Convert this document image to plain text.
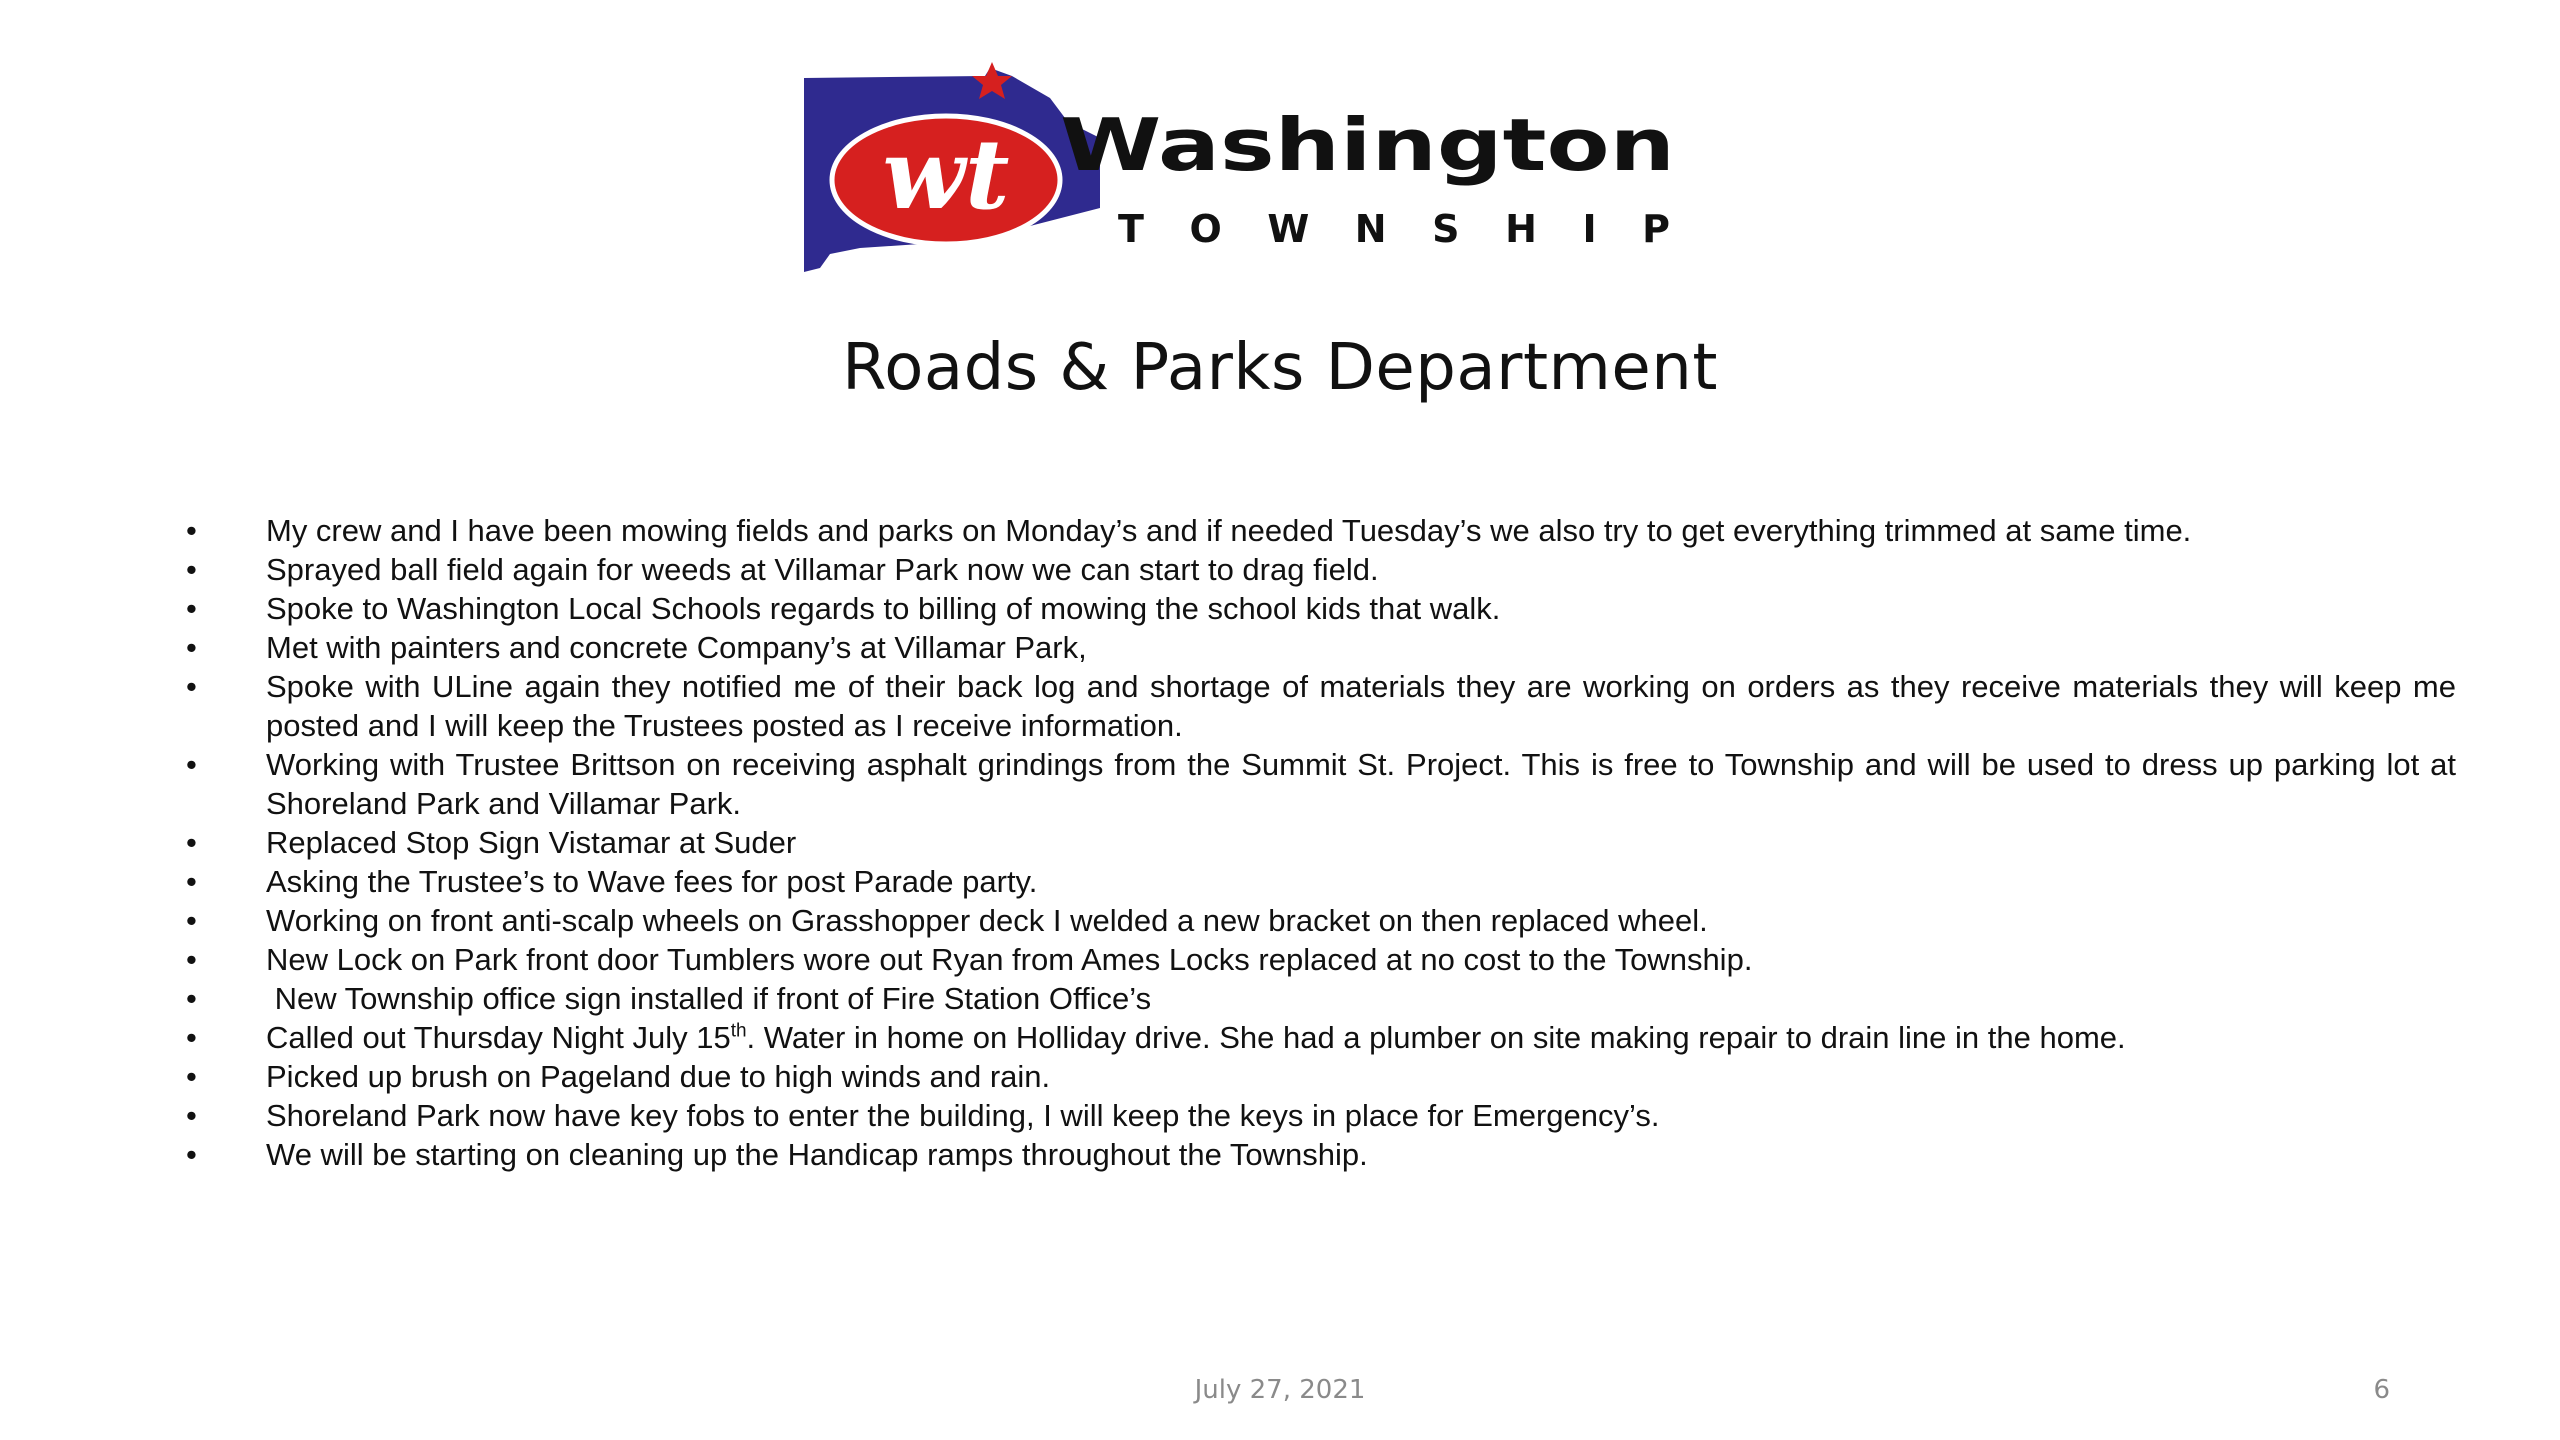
wt Washington
TOWNSHIP
Roads & Parks Department
•	My crew and I have been mowing fields and parks on Monday’s and if needed Tuesday’s we also try to get everything trimmed at same time.
•	Sprayed ball field again for weeds at Villamar Park now we can start to drag field.
•	Spoke to Washington Local Schools regards to billing of mowing the school kids that walk.
•	Met with painters and concrete Company’s at Villamar Park,
•	Spoke with ULine again they notified me of their back log and shortage of materials they are working on orders as they receive materials they will keep me posted and I will keep the Trustees posted as I receive information.
•	Working with Trustee Brittson on receiving asphalt grindings from the Summit St. Project. This is free to Township and will be used to dress up parking lot at Shoreland Park and Villamar Park.
•	Replaced Stop Sign Vistamar at Suder
•	Asking the Trustee’s to Wave fees for post Parade party.
•	Working on front anti-scalp wheels on Grasshopper deck I welded a new bracket on then replaced wheel.
•	New Lock on Park front door Tumblers wore out Ryan from Ames Locks replaced at no cost to the Township.
•	New Township office sign installed if front of Fire Station Office’s
•	Called out Thursday Night July 15th. Water in home on Holliday drive. She had a plumber on site making repair to drain line in the home.
•	Picked up brush on Pageland due to high winds and rain.
•	Shoreland Park now have key fobs to enter the building, I will keep the keys in place for Emergency’s.
•	We will be starting on cleaning up the Handicap ramps throughout the Township.
July 27, 2021	6
